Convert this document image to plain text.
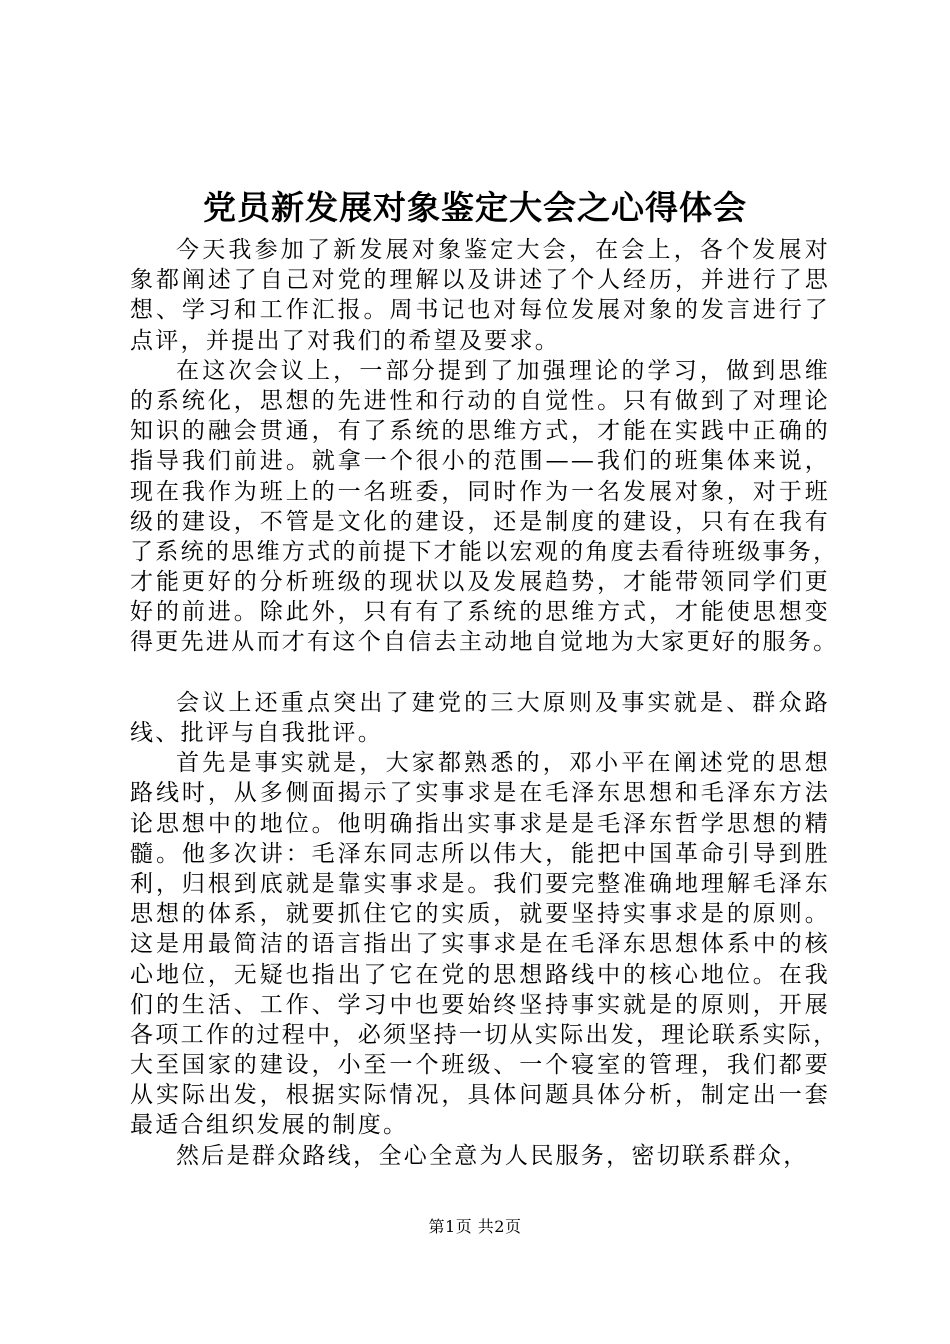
党员新发展对象鉴定大会之心得体会
今天我参加了新发展对象鉴定大会，在会上，各个发展对
象都阐述了自己对党的理解以及讲述了个人经历，并进行了思
想、学习和工作汇报。周书记也对每位发展对象的发言进行了
点评，并提出了对我们的希望及要求。
在这次会议上，一部分提到了加强理论的学习，做到思维
的系统化，思想的先进性和行动的自觉性。只有做到了对理论
知识的融会贯通，有了系统的思维方式，才能在实践中正确的
指导我们前进。就拿一个很小的范围——我们的班集体来说，
现在我作为班上的一名班委，同时作为一名发展对象，对于班
级的建设，不管是文化的建设，还是制度的建设，只有在我有
了系统的思维方式的前提下才能以宏观的角度去看待班级事务，
才能更好的分析班级的现状以及发展趋势，才能带领同学们更
好的前进。除此外，只有有了系统的思维方式，才能使思想变
得更先进从而才有这个自信去主动地自觉地为大家更好的服务。
会议上还重点突出了建党的三大原则及事实就是、群众路
线、批评与自我批评。
首先是事实就是，大家都熟悉的，邓小平在阐述党的思想
路线时，从多侧面揭示了实事求是在毛泽东思想和毛泽东方法
论思想中的地位。他明确指出实事求是是毛泽东哲学思想的精
髓。他多次讲：毛泽东同志所以伟大，能把中国革命引导到胜
利，归根到底就是靠实事求是。我们要完整准确地理解毛泽东
思想的体系，就要抓住它的实质，就要坚持实事求是的原则。
这是用最简洁的语言指出了实事求是在毛泽东思想体系中的核
心地位，无疑也指出了它在党的思想路线中的核心地位。在我
们的生活、工作、学习中也要始终坚持事实就是的原则，开展
各项工作的过程中，必须坚持一切从实际出发，理论联系实际，
大至国家的建设，小至一个班级、一个寝室的管理，我们都要
从实际出发，根据实际情况，具体问题具体分析，制定出一套
最适合组织发展的制度。
然后是群众路线，全心全意为人民服务，密切联系群众，
第1页 共2页
